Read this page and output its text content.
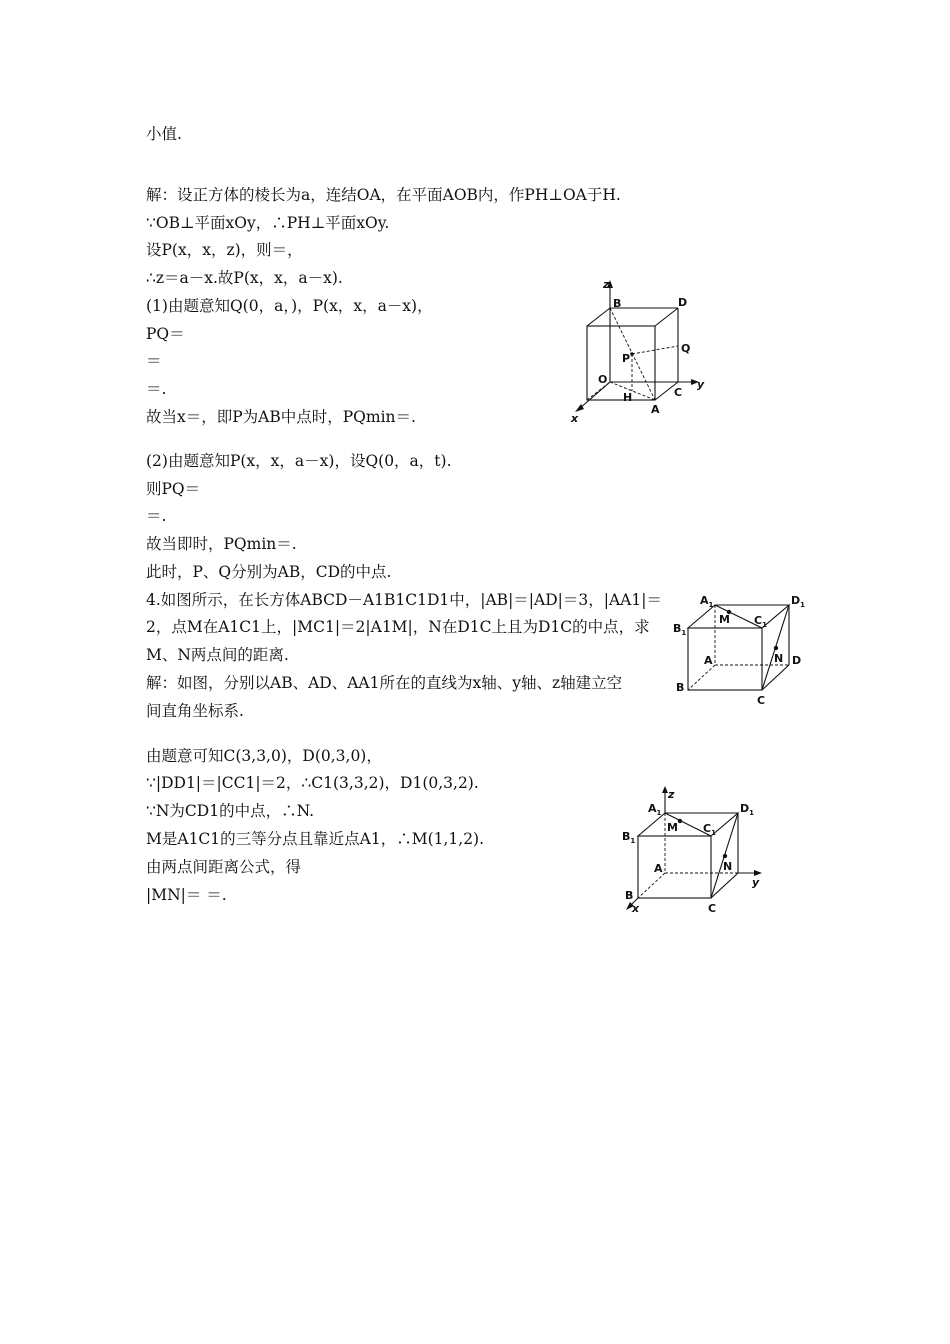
小值.
解：设正方体的棱长为a，连结OA，在平面AOB内，作PH⊥OA于H.
∵OB⊥平面xOy，∴PH⊥平面xOy.
设P(x，x，z)，则＝，
∴z＝a－x.故P(x，x，a－x).
(1)由题意知Q(0，a，)，P(x，x，a－x)，
PQ＝
＝
＝.
故当x＝，即P为AB中点时，PQmin＝.
(2)由题意知P(x，x，a－x)，设Q(0，a，t).
则PQ＝
＝.
故当即时，PQmin＝.
此时，P、Q分别为AB，CD的中点.
4.如图所示，在长方体ABCD－A1B1C1D1中，|AB|＝|AD|＝3，|AA1|＝
2，点M在A1C1上，|MC1|＝2|A1M|，N在D1C上且为D1C的中点，求
M、N两点间的距离.
解：如图，分别以AB、AD、AA1所在的直线为x轴、y轴、z轴建立空
间直角坐标系.
由题意可知C(3,3,0)，D(0,3,0)，
∵|DD1|＝|CC1|＝2，∴C1(3,3,2)，D1(0,3,2).
∵N为CD1的中点，∴N.
M是A1C1的三等分点且靠近点A1，∴M(1,1,2).
由两点间距离公式，得
|MN|＝ ＝.
z
B	D
P
Q
O	y
H	C
A
x
$A_1$	$D_1$
M $C_1$
$B_1$
A	N D
B
C
$A_1$
z
$D_1$
M $C_1$
$B_1$
A	N
y
B
x	C
